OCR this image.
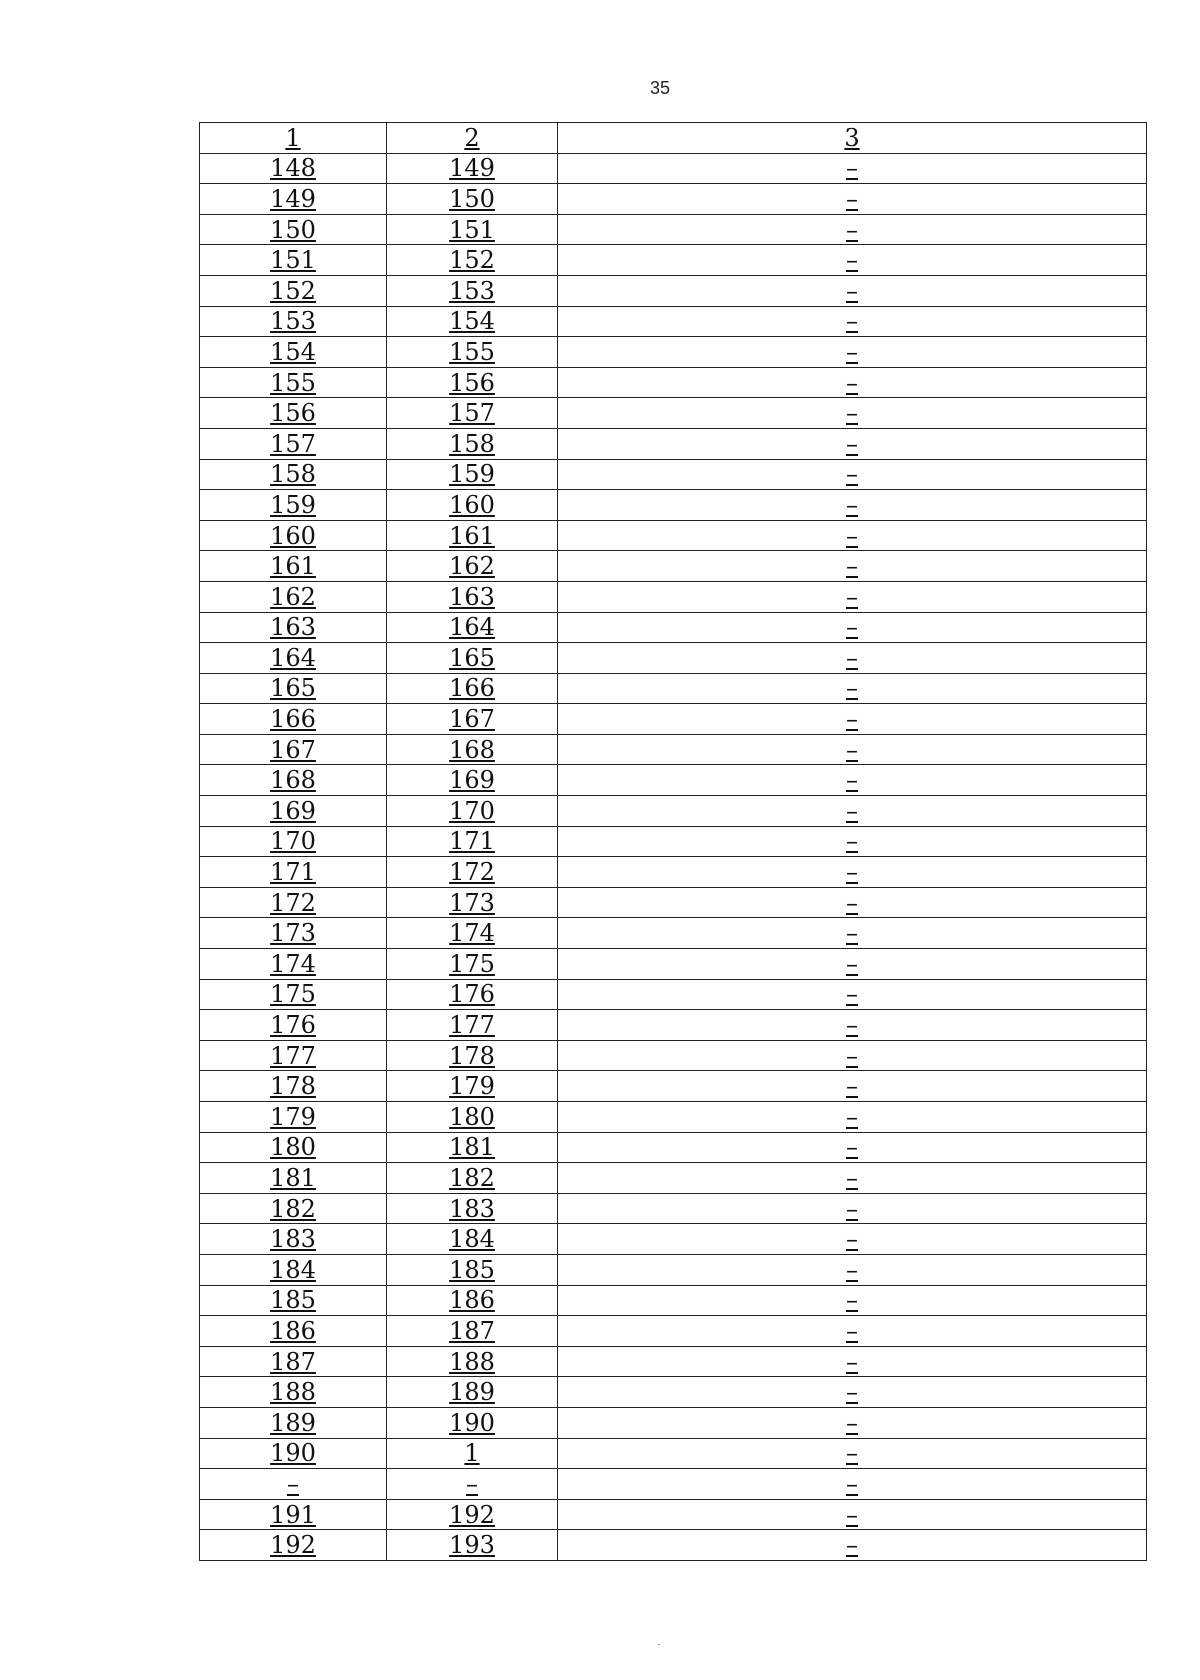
35
1	2	3
148	149	–
149	150	–
150	151	–
151	152	–
152	153	–
153	154	–
154	155	–
155	156	–
156	157	–
157	158	–
158	159	–
159	160	–
160	161	–
161	162	–
162	163	–
163	164	–
164	165	–
165	166	–
166	167	–
167	168	–
168	169	–
169	170	–
170	171	–
171	172	–
172	173	–
173	174	–
174	175	–
175	176	–
176	177	–
177	178	–
178	179	–
179	180	–
180	181	–
181	182	–
182	183	–
183	184	–
184	185	–
185	186	–
186	187	–
187	188	–
188	189	–
189	190	–
190	1	–
–	–	–
191	192	–
192	193	–
